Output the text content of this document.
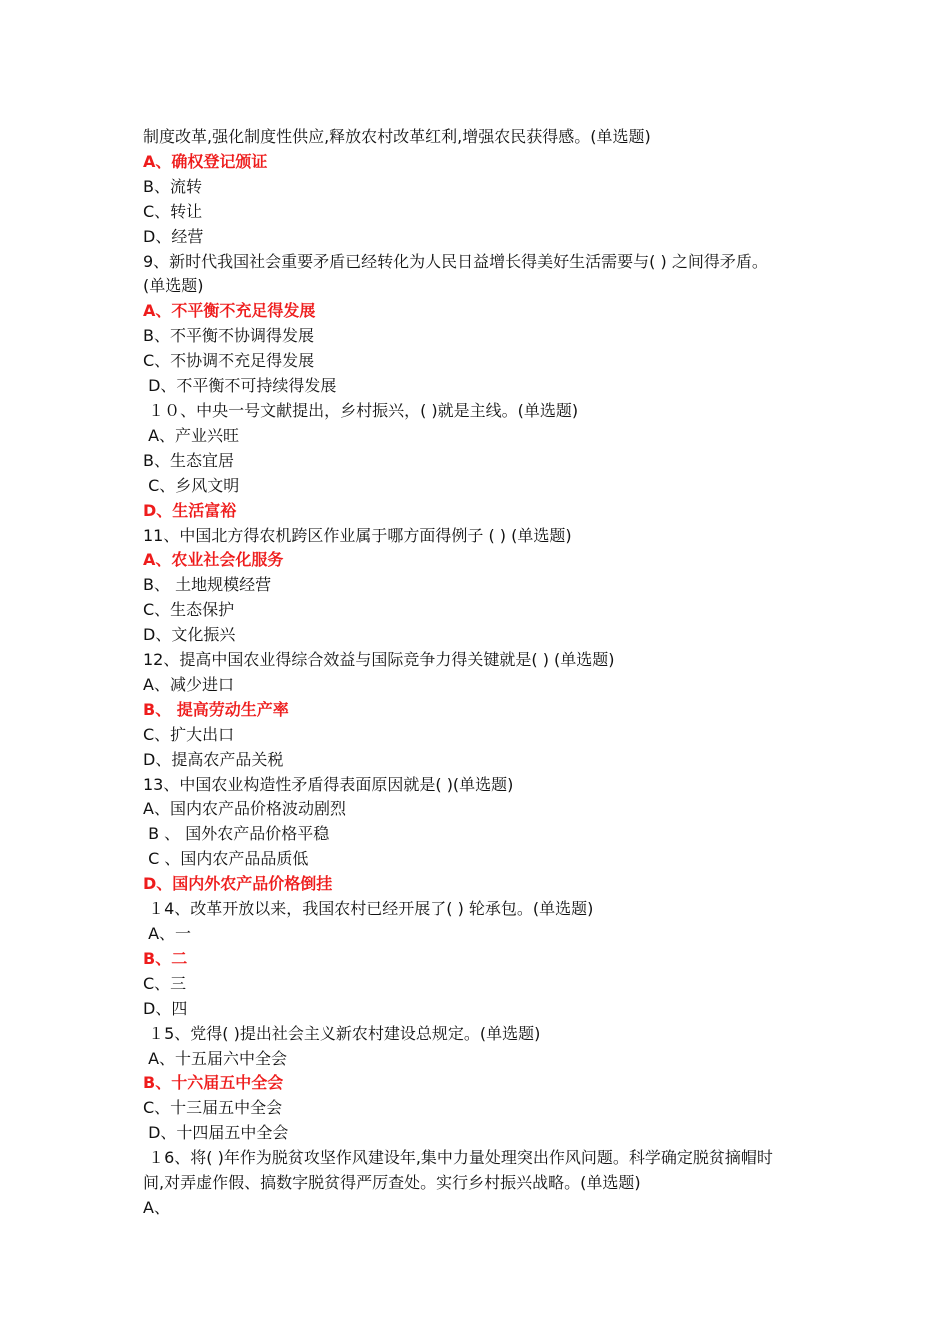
制度改革,强化制度性供应,释放农村改革红利,增强农民获得感。(单选题)
A、确权登记颁证
B、流转
C、转让
D、经营
9、新时代我国社会重要矛盾已经转化为人民日益增长得美好生活需要与( ) 之间得矛盾。
(单选题)
A、不平衡不充足得发展
B、不平衡不协调得发展
C、不协调不充足得发展
D、不平衡不可持续得发展
１０、中央一号文献提出，乡村振兴，( )就是主线。(单选题)
A、产业兴旺
B、生态宜居
C、乡风文明
D、生活富裕
11、中国北方得农机跨区作业属于哪方面得例子 ( ) (单选题)
A、农业社会化服务
B、 土地规模经营
C、生态保护
D、文化振兴
12、提高中国农业得综合效益与国际竞争力得关键就是( ) (单选题)
A、减少进口
B、 提高劳动生产率
C、扩大出口
D、提高农产品关税
13、中国农业构造性矛盾得表面原因就是( )(单选题)
A、国内农产品价格波动剧烈
B 、 国外农产品价格平稳
C 、国内农产品品质低
D、国内外农产品价格倒挂
１4、改革开放以来，我国农村已经开展了( ) 轮承包。(单选题)
A、一
B、二
C、三
D、四
１5、党得( )提出社会主义新农村建设总规定。(单选题)
A、十五届六中全会
B、十六届五中全会
C、十三届五中全会
D、十四届五中全会
１6、将( )年作为脱贫攻坚作风建设年,集中力量处理突出作风问题。科学确定脱贫摘帽时
间,对弄虚作假、搞数字脱贫得严厉查处。实行乡村振兴战略。(单选题)
A、
